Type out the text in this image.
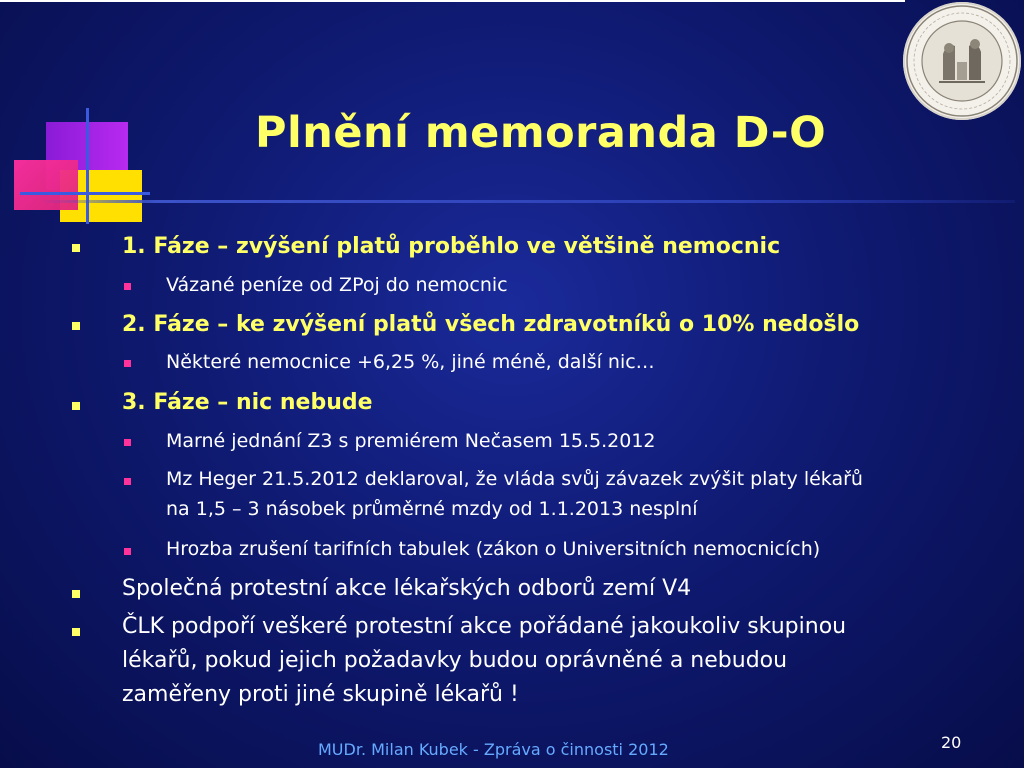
Plnění memoranda D-O
1. Fáze – zvýšení platů proběhlo ve většině nemocnic
Vázané peníze od ZPoj do nemocnic
2. Fáze – ke zvýšení platů všech zdravotníků o 10% nedošlo
Některé nemocnice +6,25 %, jiné méně, další nic…
3. Fáze – nic nebude
Marné jednání Z3 s premiérem Nečasem 15.5.2012
Mz Heger 21.5.2012 deklaroval, že vláda svůj závazek zvýšit platy lékařů
na 1,5 – 3 násobek průměrné mzdy od 1.1.2013 nesplní
Hrozba zrušení tarifních tabulek (zákon o Universitních nemocnicích)
Společná protestní akce lékařských odborů zemí V4
ČLK podpoří veškeré protestní akce pořádané jakoukoliv skupinou
lékařů, pokud jejich požadavky budou oprávněné a nebudou
zaměřeny proti jiné skupině lékařů !
MUDr. Milan Kubek - Zpráva o činnosti 2012	20
